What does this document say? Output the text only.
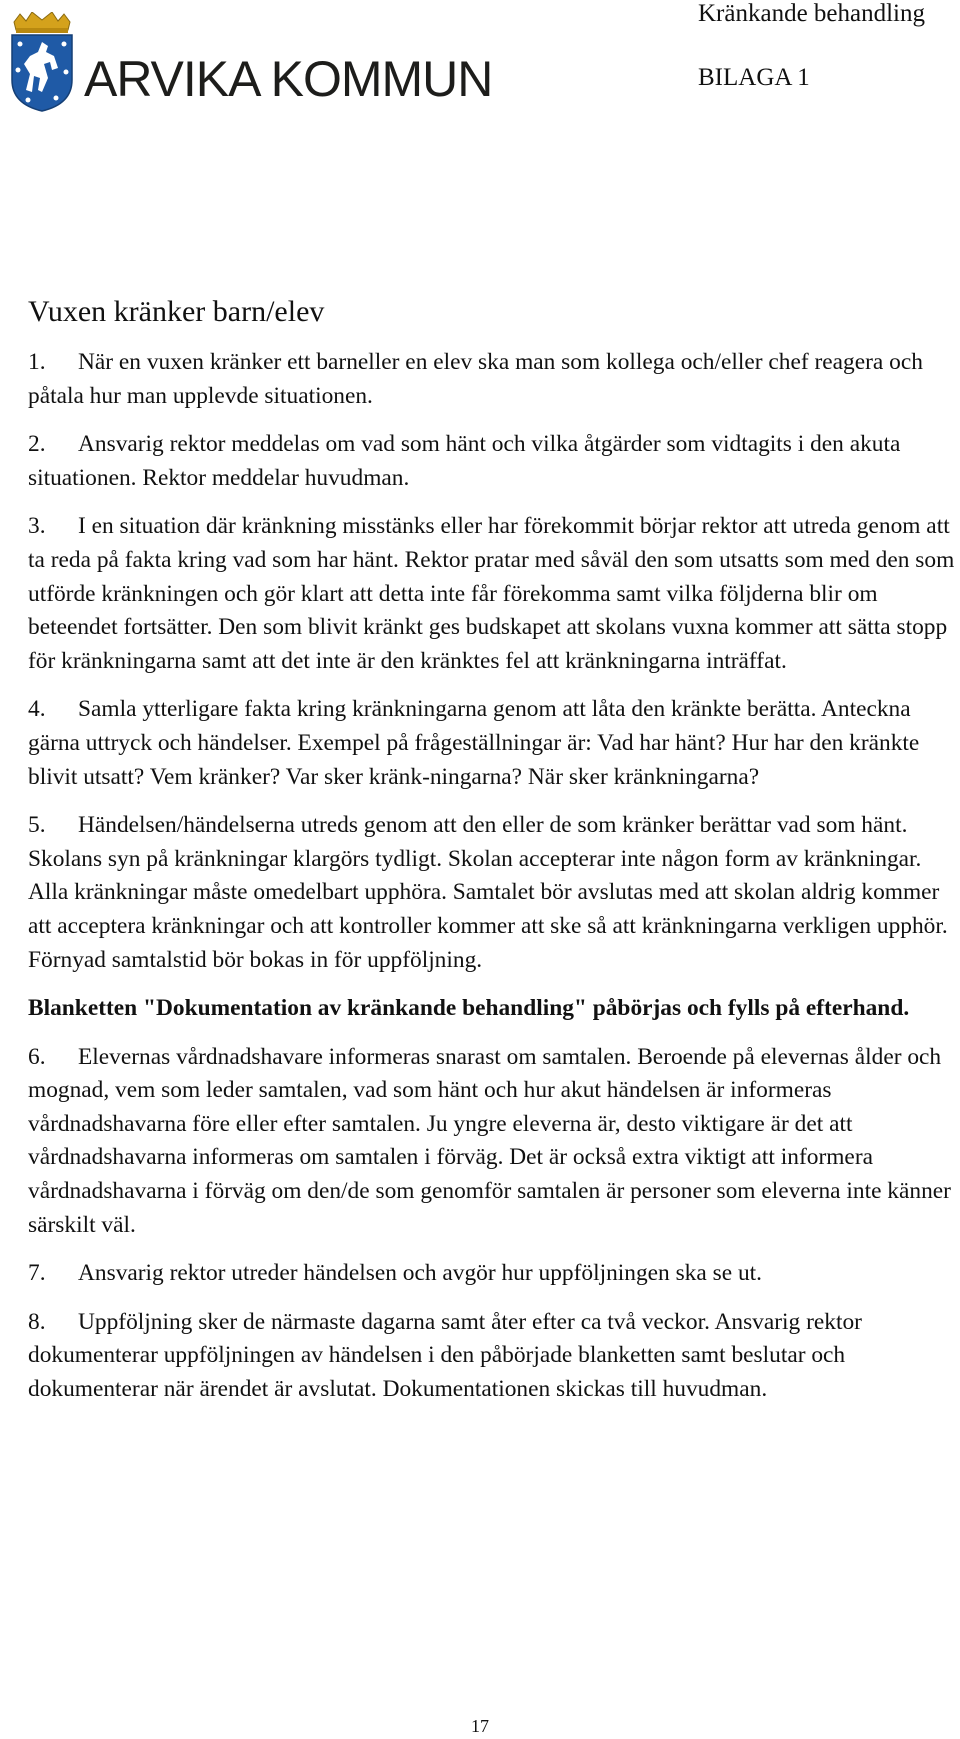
ARVIKA KOMMUN
Kränkande behandling
BILAGA 1
Vuxen kränker barn/elev

1. När en vuxen kränker ett barneller en elev ska man som kollega och/eller chef reagera och påtala hur man upplevde situationen.

2. Ansvarig rektor meddelas om vad som hänt och vilka åtgärder som vidtagits i den akuta situationen. Rektor meddelar huvudman.

3. I en situation där kränkning misstänks eller har förekommit börjar rektor att utreda genom att ta reda på fakta kring vad som har hänt. Rektor pratar med såväl den som utsatts som med den som utförde kränkningen och gör klart att detta inte får förekomma samt vilka följderna blir om beteendet fortsätter. Den som blivit kränkt ges budskapet att skolans vuxna kommer att sätta stopp för kränkningarna samt att det inte är den kränktes fel att kränkningarna inträffat.

4. Samla ytterligare fakta kring kränkningarna genom att låta den kränkte berätta. Anteckna gärna uttryck och händelser. Exempel på frågeställningar är: Vad har hänt? Hur har den kränkte blivit utsatt? Vem kränker? Var sker kränk-ningarna? När sker kränkningarna?

5. Händelsen/händelserna utreds genom att den eller de som kränker berättar vad som hänt. Skolans syn på kränkningar klargörs tydligt. Skolan accepterar inte någon form av kränkningar. Alla kränkningar måste omedelbart upphöra. Samtalet bör avslutas med att skolan aldrig kommer att acceptera kränkningar och att kontroller kommer att ske så att kränkningarna verkligen upphör. Förnyad samtalstid bör bokas in för uppföljning.

Blanketten "Dokumentation av kränkande behandling" påbörjas och fylls på efterhand.

6. Elevernas vårdnadshavare informeras snarast om samtalen. Beroende på elevernas ålder och mognad, vem som leder samtalen, vad som hänt och hur akut händelsen är informeras vårdnadshavarna före eller efter samtalen. Ju yngre eleverna är, desto viktigare är det att vårdnadshavarna informeras om samtalen i förväg. Det är också extra viktigt att informera vårdnadshavarna i förväg om den/de som genomför samtalen är personer som eleverna inte känner särskilt väl.

7. Ansvarig rektor utreder händelsen och avgör hur uppföljningen ska se ut.

8. Uppföljning sker de närmaste dagarna samt åter efter ca två veckor. Ansvarig rektor dokumenterar uppföljningen av händelsen i den påbörjade blanketten samt beslutar och dokumenterar när ärendet är avslutat. Dokumentationen skickas till huvudman.

17
